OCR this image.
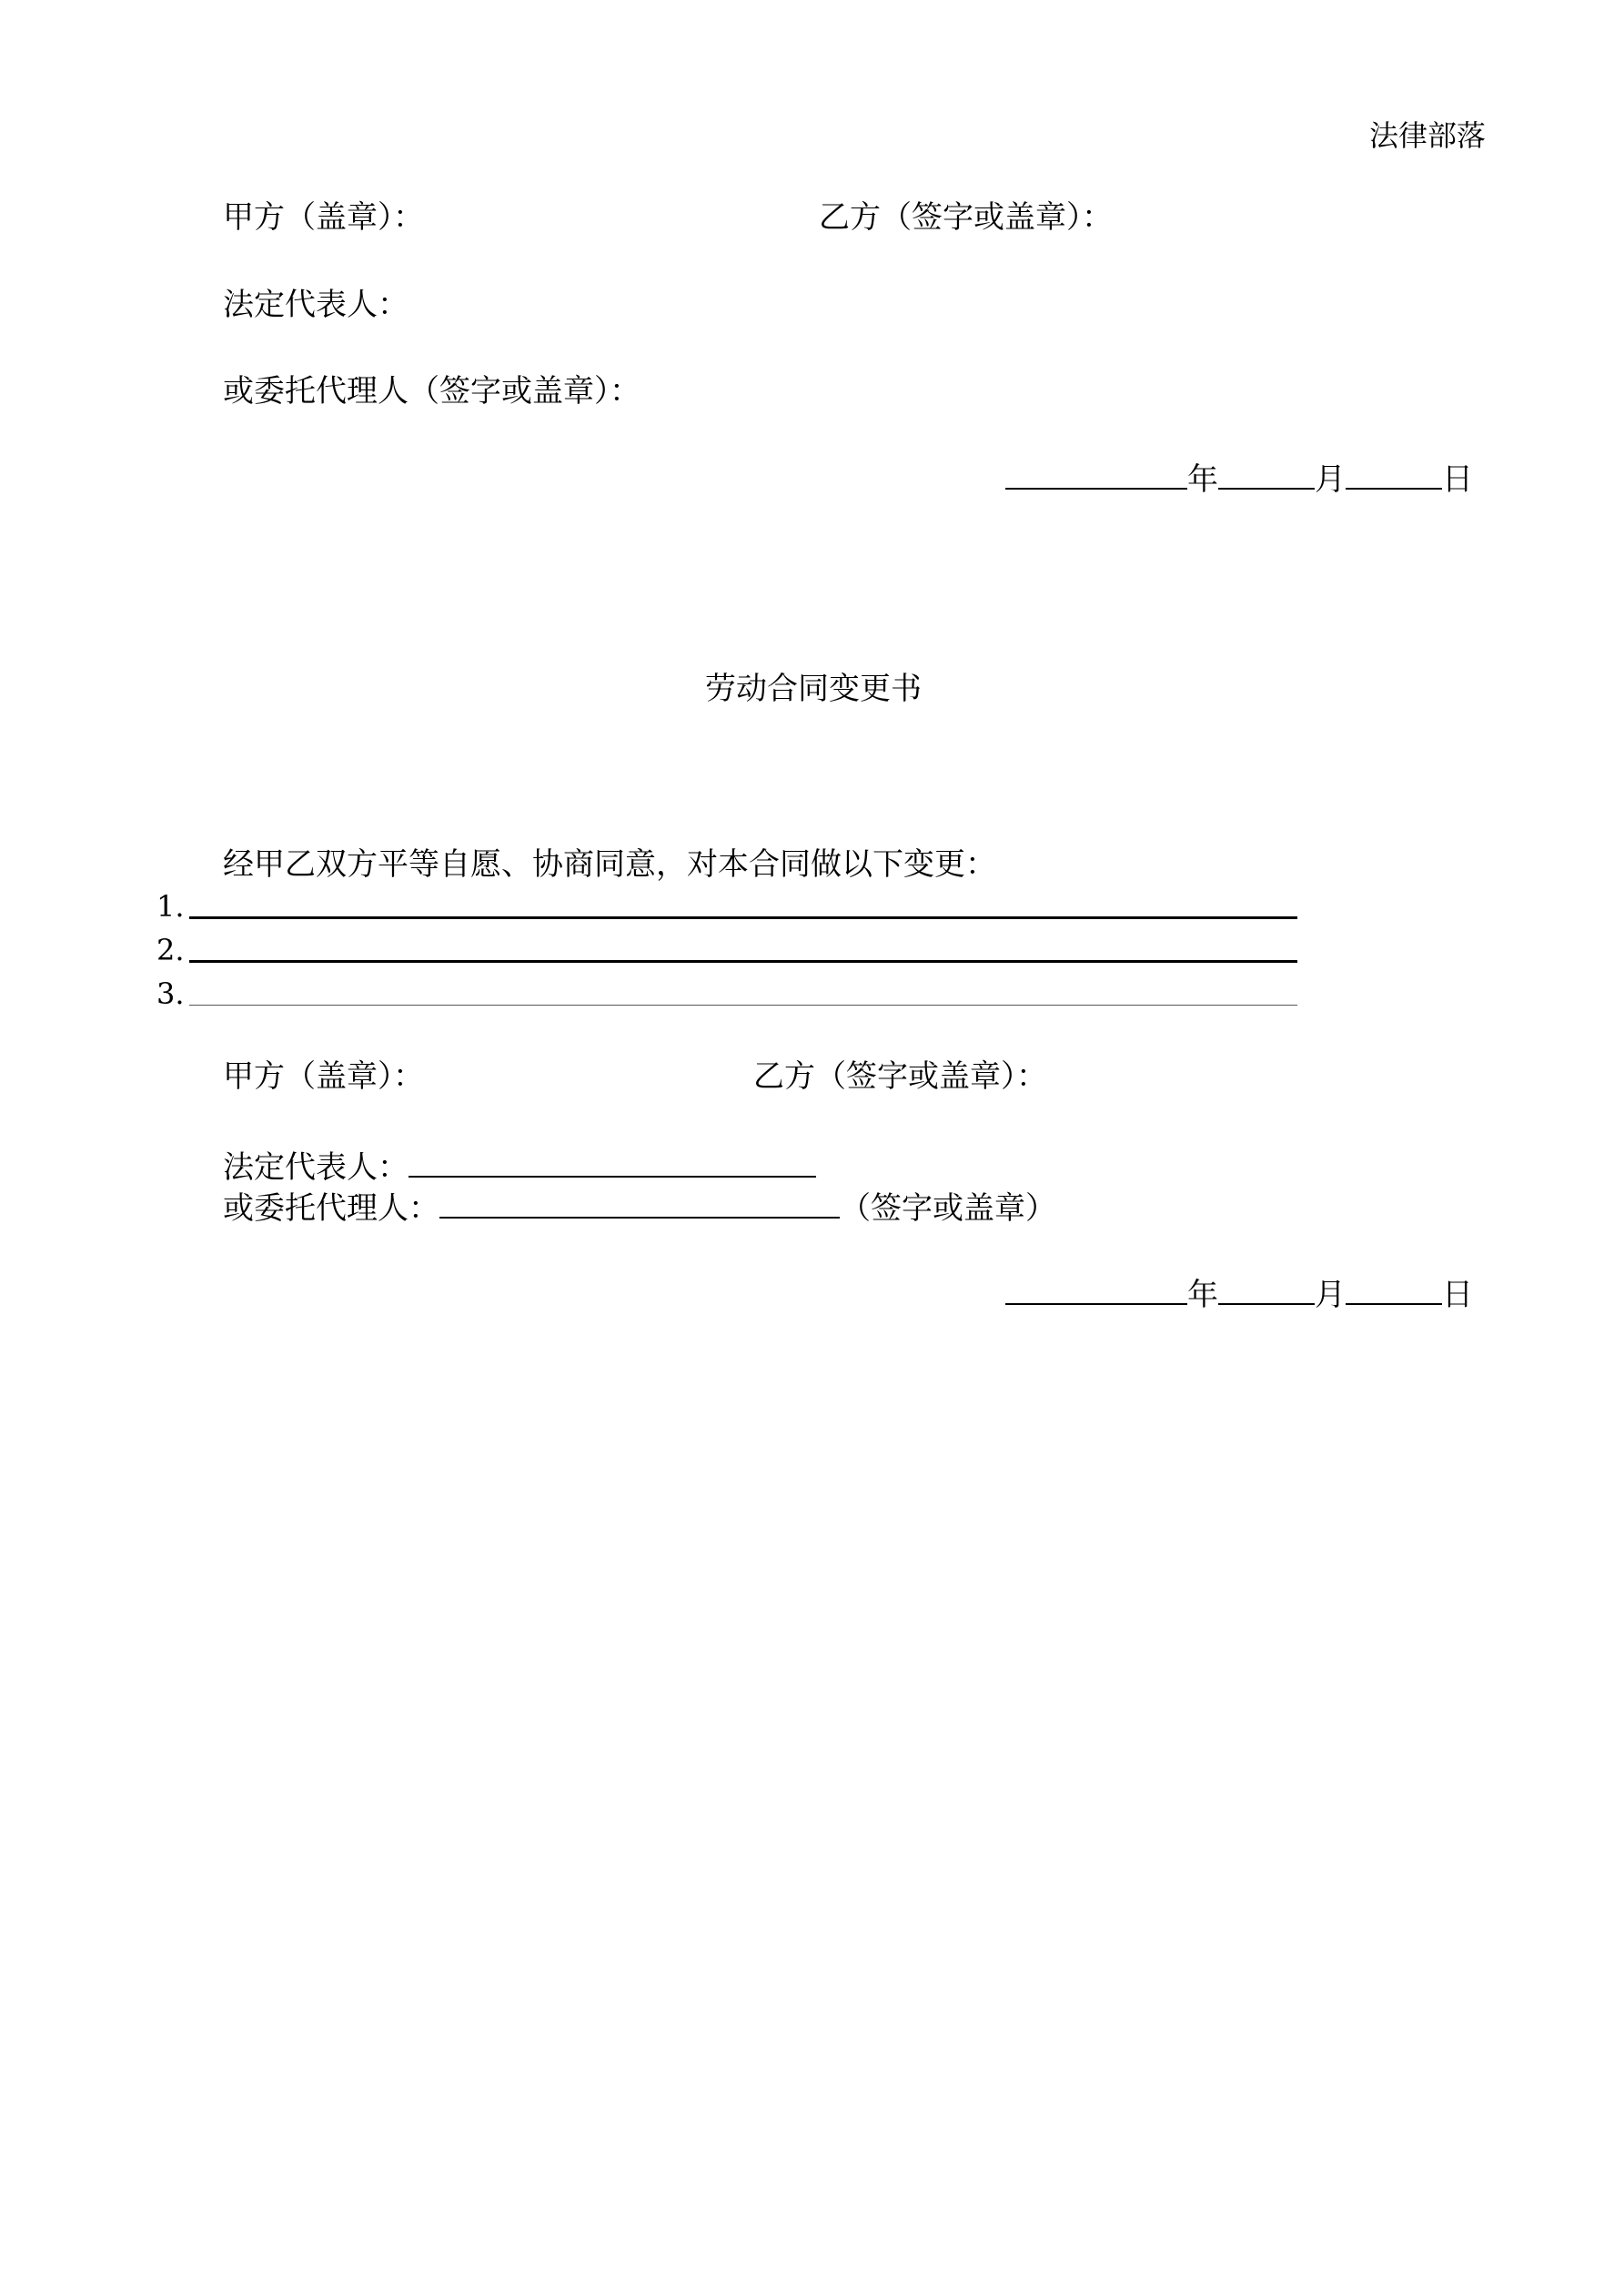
法律部落
甲方（盖章）：	乙方（签字或盖章）：
法定代表人：
或委托代理人（签字或盖章）：
年	月	日
劳动合同变更书
经甲乙双方平等自愿、协商同意，对本合同做以下变更：
1.
2.
3.
甲方（盖章）：	乙方（签字或盖章）：
法定代表人：
或委托代理人：	（签字或盖章）
年	月	日
